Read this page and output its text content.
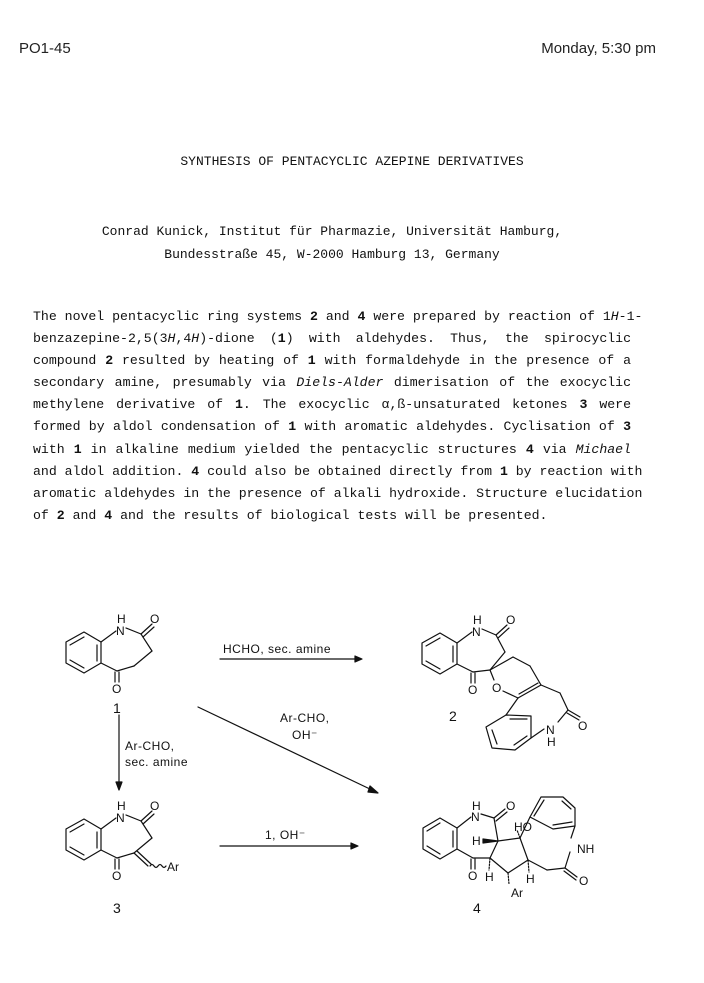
PO1-45	Monday, 5:30 pm
SYNTHESIS OF PENTACYCLIC AZEPINE DERIVATIVES
Conrad Kunick, Institut für Pharmazie, Universität Hamburg,
Bundesstraße 45, W-2000 Hamburg 13, Germany
The novel pentacyclic ring systems 2 and 4 were prepared by reaction of 1H-1-
benzazepine-2,5(3H,4H)-dione (1) with aldehydes. Thus, the spirocyclic
compound 2 resulted by heating of 1 with formaldehyde in the presence of a
secondary amine, presumably via Diels-Alder dimerisation of the exocyclic
methylene derivative of 1. The exocyclic α,ß-unsaturated ketones 3 were
formed by aldol condensation of 1 with aromatic aldehydes. Cyclisation of 3
with 1 in alkaline medium yielded the pentacyclic structures 4 via Michael
and aldol addition. 4 could also be obtained directly from 1 by reaction with
aromatic aldehydes in the presence of alkali hydroxide. Structure elucidation
of 2 and 4 and the results of biological tests will be presented.
H
N
O
O
H
N
O
O
Ar
H
N
O
O O
O
N
H
H
N
O
HO
H
NH
O H	H
Ar
O
1	2
3	4
HCHO, sec. amine
Ar-CHO,
OH⁻
Ar-CHO,
sec. amine
1, OH⁻
